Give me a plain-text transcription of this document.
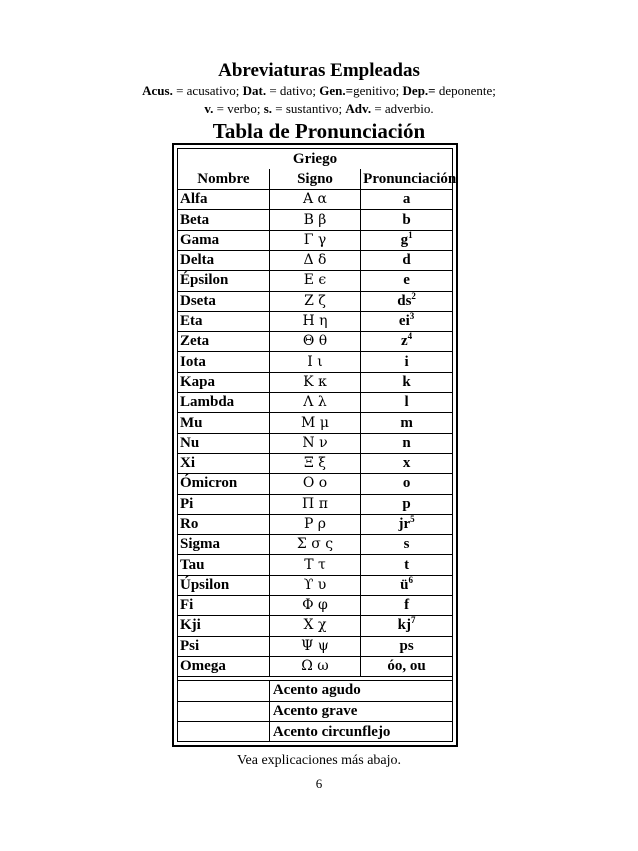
Abreviaturas Empleadas
Acus. = acusativo; Dat. = dativo; Gen.=genitivo; Dep.= deponente;
v. = verbo; s. = sustantivo; Adv. = adverbio.
Tabla de Pronunciación
Griego		
Nombre	Signo	Pronunciación
Alfa	Α α	a
Beta	Β β	b
Gama	Γ γ	$g^1$
Delta	Δ δ	d
Épsilon	Ε ϵ	e
Dseta	Ζ ζ	$ds^2$
Eta	Η η	$ei^3$
Zeta	Θ θ	$z^4$
Iota	Ι ι	i
Kapa	Κ κ	k
Lambda	Λ λ	l
Mu	Μ μ	m
Nu	Ν ν	n
Xi	Ξ ξ	x
Ómicron	Ο ο	o
Pi	Π π	p
Ro	Ρ ρ	$jr^5$
Sigma	Σ σ ς	s
Tau	Τ τ	t
Úpsilon	ϒ υ	$ü^6$
Fi	Φ φ	f
Kji	Χ χ	$kj^7$
Psi	Ψ ψ	ps
Omega	Ω ω	óo, ou

	Acento agudo	
	Acento grave	
	Acento circunflejo	
Vea explicaciones más abajo.
6
